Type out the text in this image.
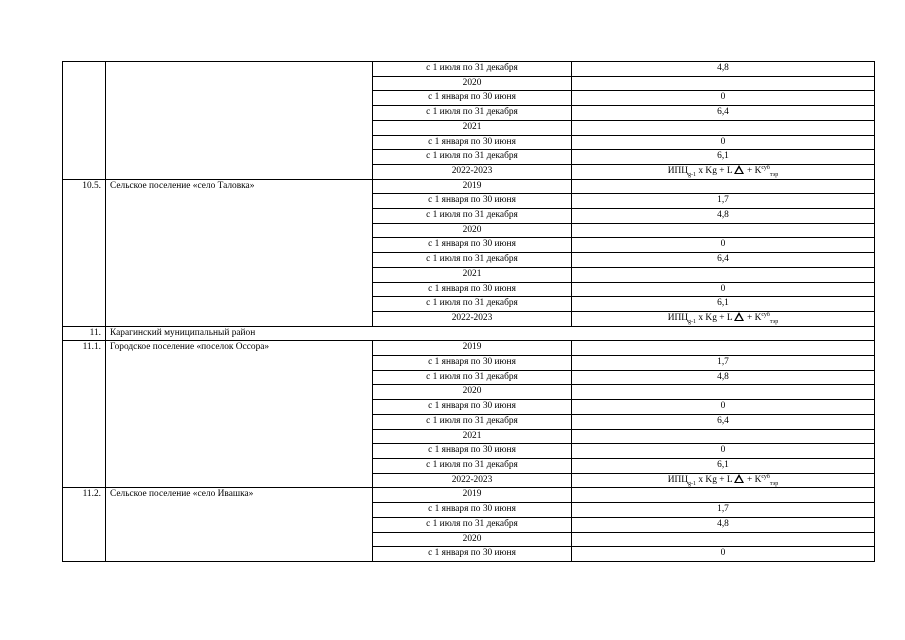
		с 1 июля по 31 декабря	4,8
		2020	
		с 1 января по 30 июня	0
		с 1 июля по 31 декабря	6,4
		2021	
		с 1 января по 30 июня	0
		с 1 июля по 31 декабря	6,1
		2022-2023	$ИПЦ_{g-1}$ x $Kg + L + K^{суб}_{тэр}$
10.5.	Сельское поселение «село Таловка»	2019	
		с 1 января по 30 июня	1,7
		с 1 июля по 31 декабря	4,8
		2020	
		с 1 января по 30 июня	0
		с 1 июля по 31 декабря	6,4
		2021	
		с 1 января по 30 июня	0
		с 1 июля по 31 декабря	6,1
		2022-2023	$ИПЦ_{g-1}$ x $Kg + L + K^{суб}_{тэр}$
11.	Карагинский муниципальный район		
11.1.	Городское поселение «поселок Оссора»	2019	
		с 1 января по 30 июня	1,7
		с 1 июля по 31 декабря	4,8
		2020	
		с 1 января по 30 июня	0
		с 1 июля по 31 декабря	6,4
		2021	
		с 1 января по 30 июня	0
		с 1 июля по 31 декабря	6,1
		2022-2023	$ИПЦ_{g-1}$ x $Kg + L + K^{суб}_{тэр}$
11.2.	Сельское поселение «село Ивашка»	2019	
		с 1 января по 30 июня	1,7
		с 1 июля по 31 декабря	4,8
		2020	
		с 1 января по 30 июня	0
